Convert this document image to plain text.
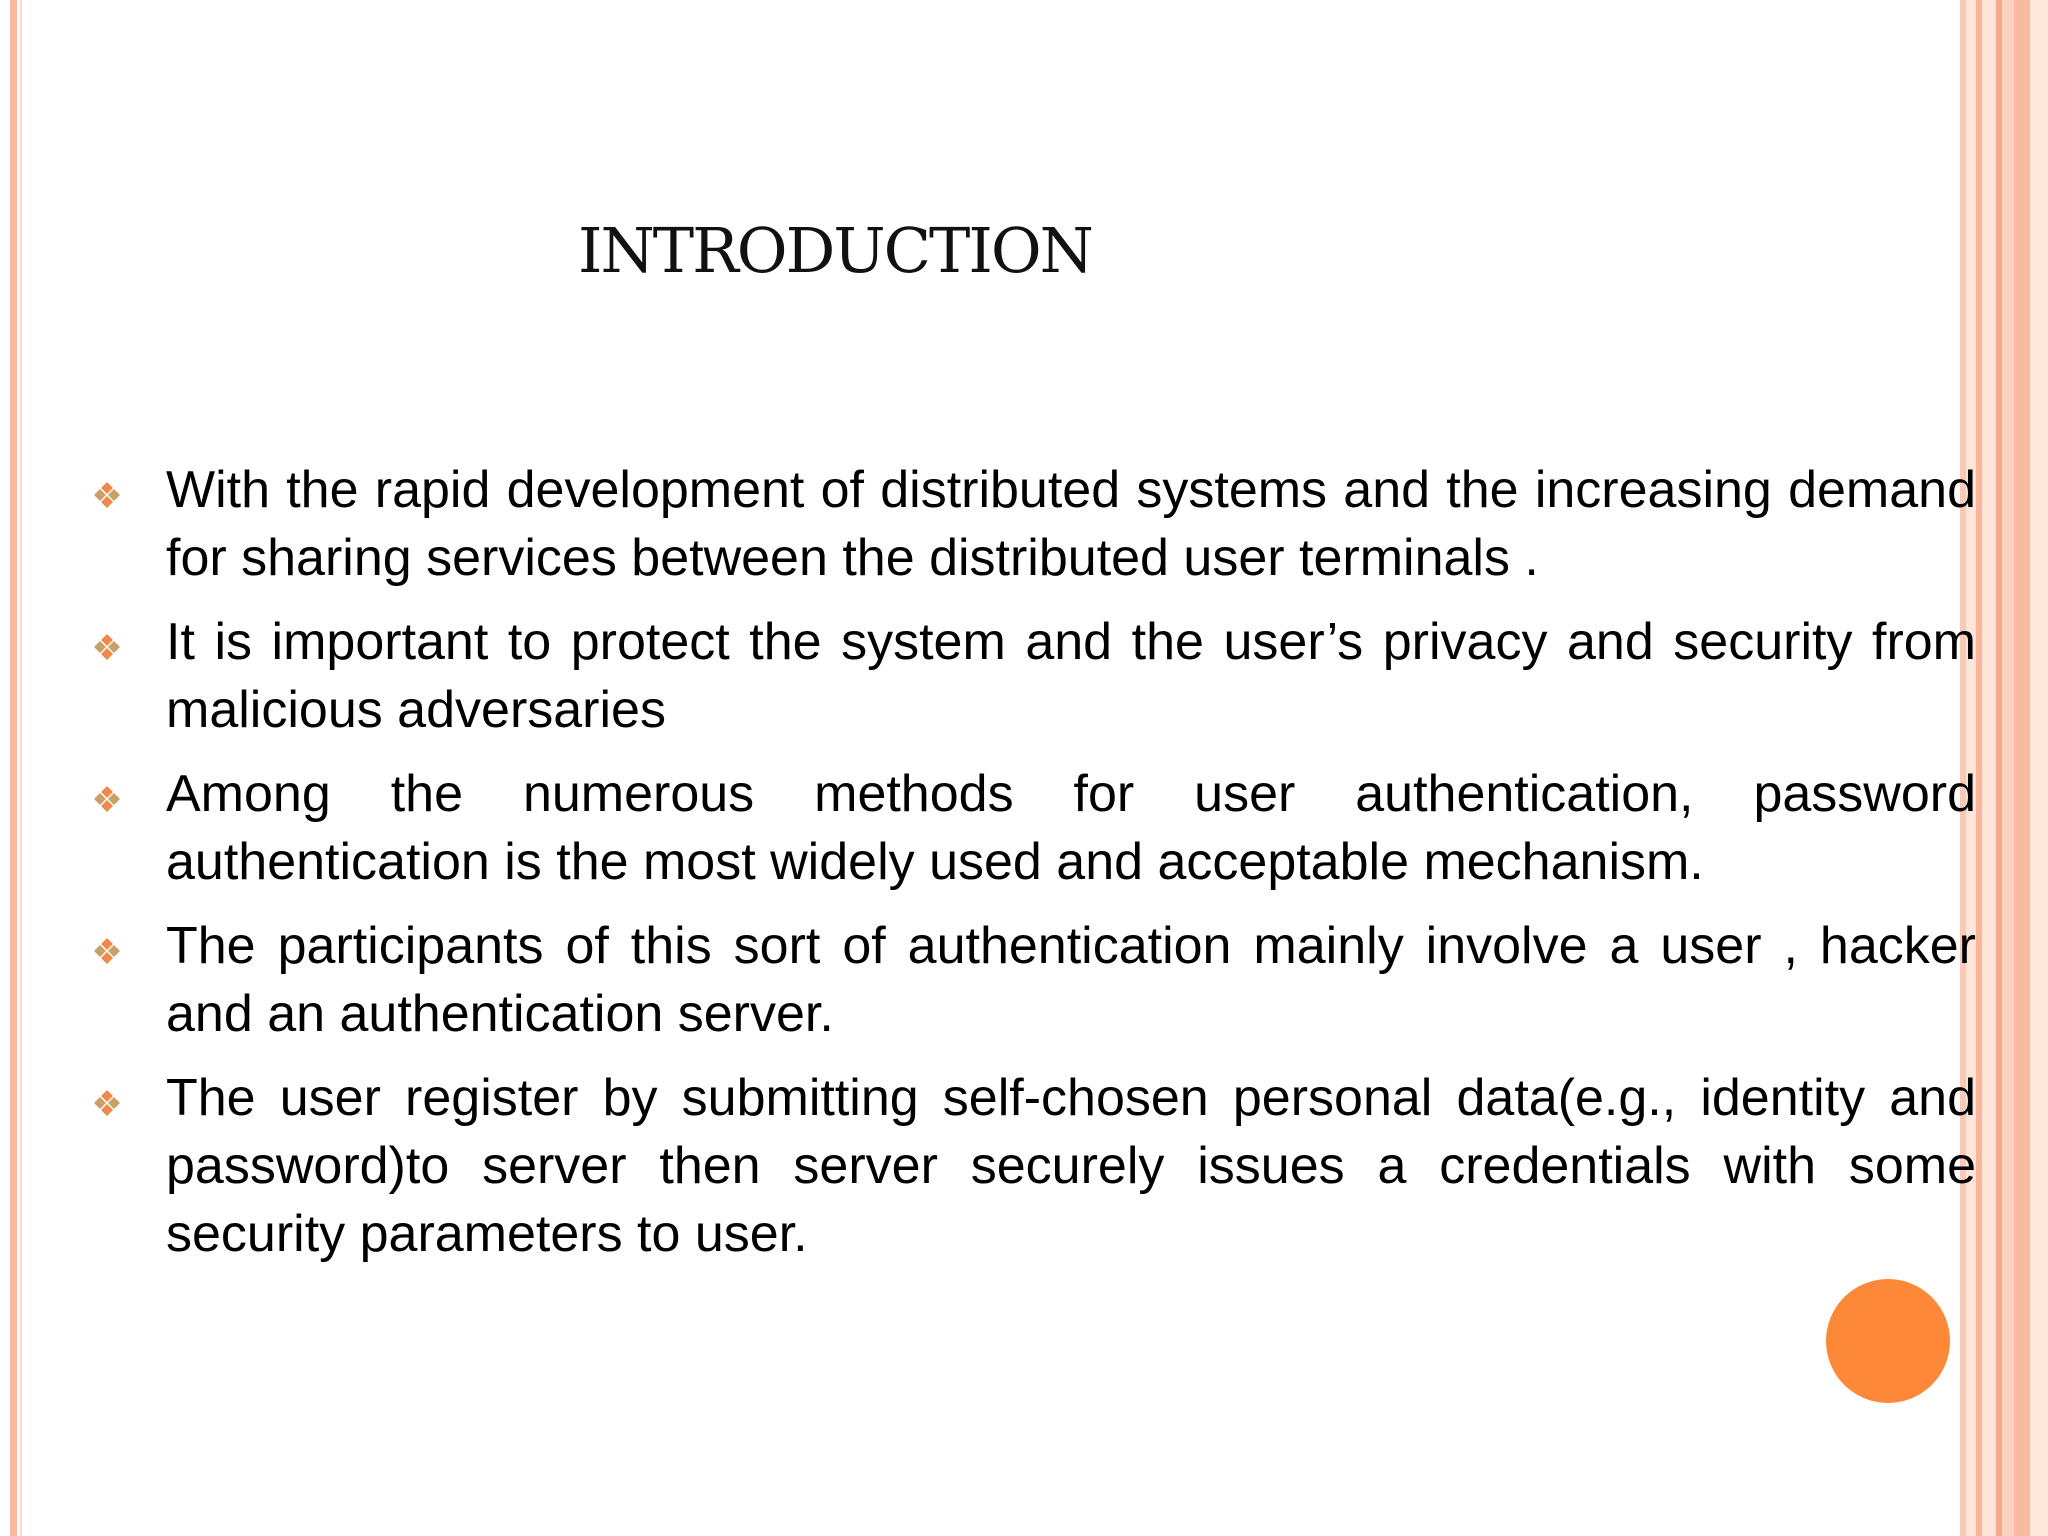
INTRODUCTION
With the rapid development of distributed systems and the increasing demand for sharing services between the distributed user terminals .
It is important to protect the system and the user’s privacy and security from malicious adversaries
Among the numerous methods for user authentication, password authentication is the most widely used and acceptable mechanism.
The participants of this sort of authentication mainly involve a user , hacker and an authentication server.
The user register by submitting self-chosen personal data(e.g., identity and password)to server then server securely issues a credentials with some security parameters to user.
